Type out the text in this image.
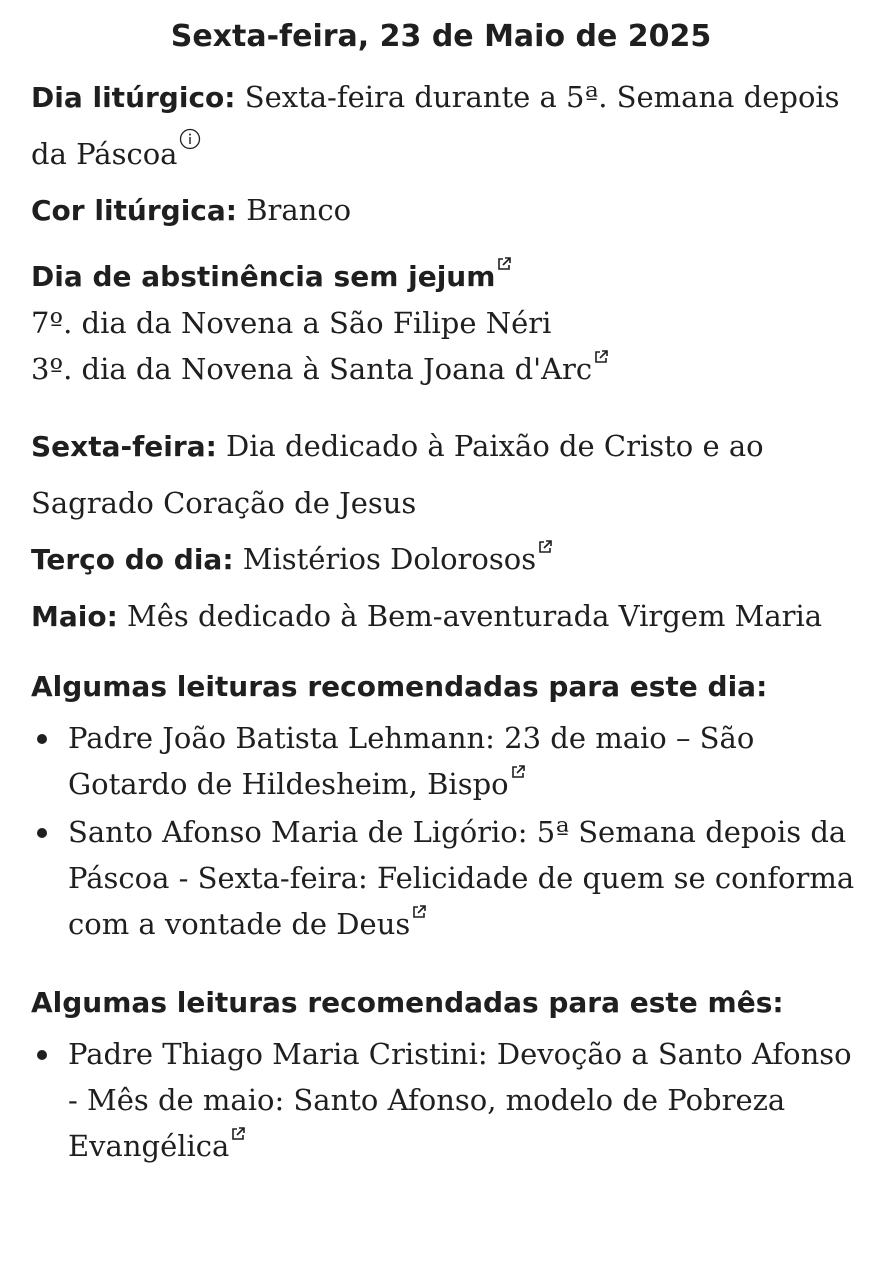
Sexta-feira, 23 de Maio de 2025

Dia litúrgico: Sexta-feira durante a 5ª. Semana depois da Páscoa

Cor litúrgica: Branco

Dia de abstinência sem jejum

7º. dia da Novena a São Filipe Néri

3º. dia da Novena à Santa Joana d'Arc

Sexta-feira: Dia dedicado à Paixão de Cristo e ao Sagrado Coração de Jesus

Terço do dia: Mistérios Dolorosos

Maio: Mês dedicado à Bem-aventurada Virgem Maria

Algumas leituras recomendadas para este dia:

Padre João Batista Lehmann: 23 de maio – São Gotardo de Hildesheim, Bispo
Santo Afonso Maria de Ligório: 5ª Semana depois da Páscoa - Sexta-feira: Felicidade de quem se conforma com a vontade de Deus

Algumas leituras recomendadas para este mês:

Padre Thiago Maria Cristini: Devoção a Santo Afonso - Mês de maio: Santo Afonso, modelo de Pobreza Evangélica
